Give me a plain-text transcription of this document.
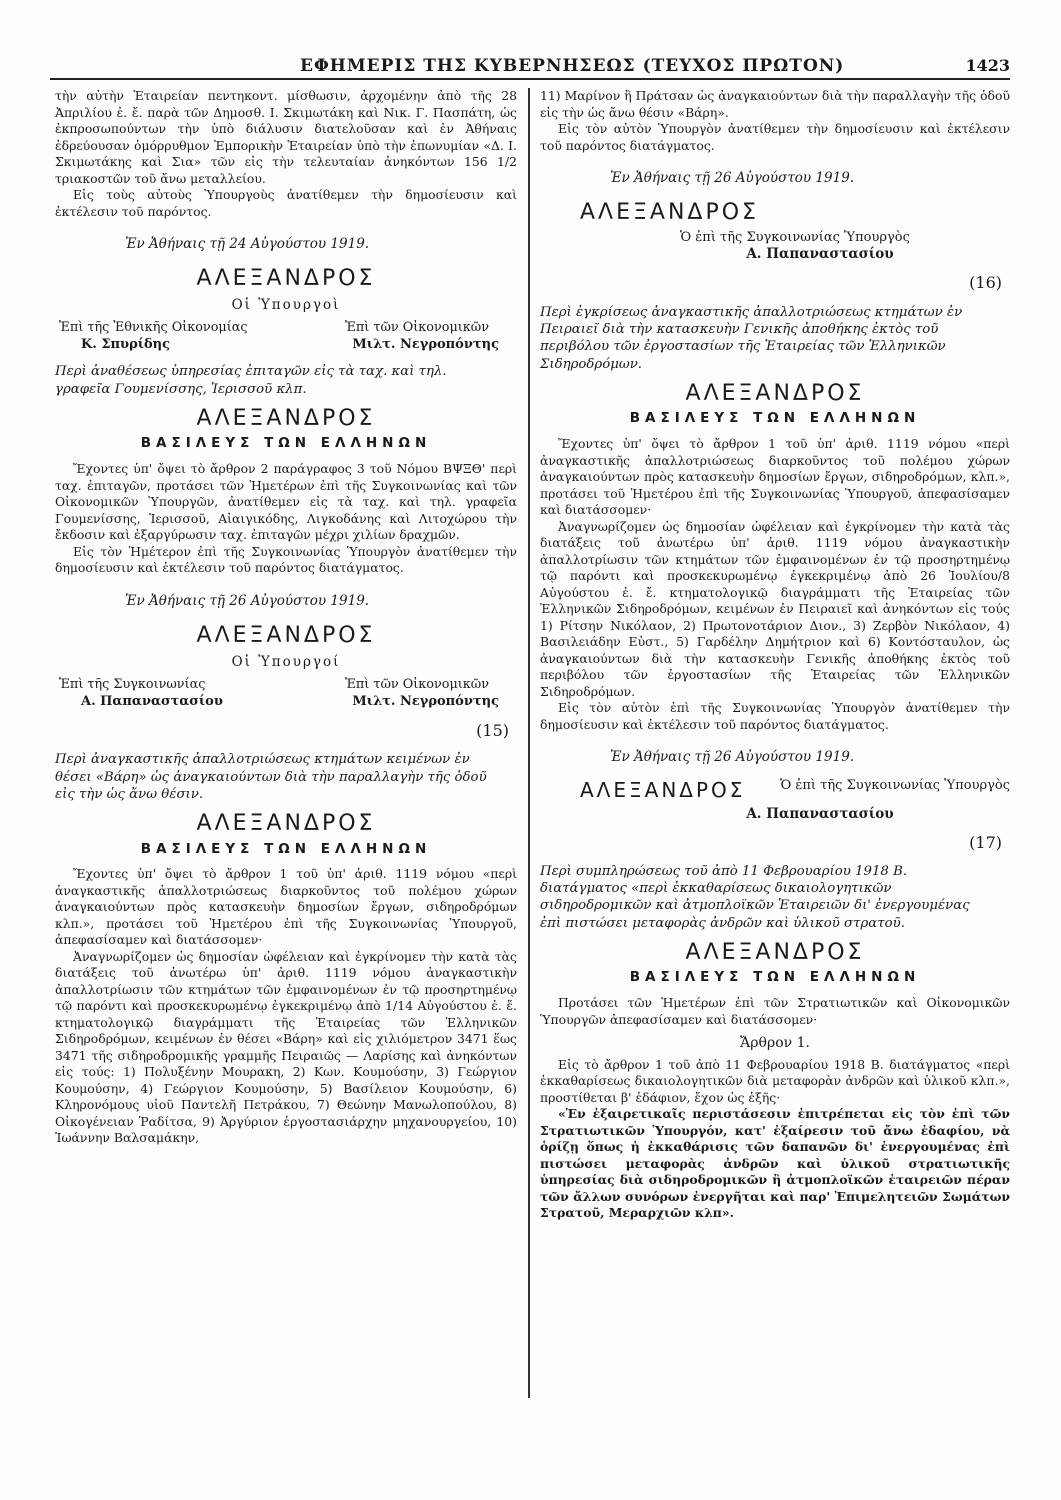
ΕΦΗΜΕΡΙΣ ΤΗΣ ΚΥΒΕΡΝΗΣΕΩΣ (ΤΕΥΧΟΣ ΠΡΩΤΟΝ)	1423

τὴν αὐτὴν Ἑταιρείαν πεντηκοντ. μίσθωσιν, ἀρχομένην ἀπὸ τῆς 28 Ἀπριλίου ἐ. ἔ. παρὰ τῶν Δημοσθ. Ι. Σκιμωτάκη καὶ Νικ. Γ. Πασπάτη, ὡς ἐκπροσωπούντων τὴν ὑπὸ διάλυσιν διατελοῦσαν καὶ ἐν Ἀθήναις ἑδρεύουσαν ὁμόρρυθμον Ἐμπορικὴν Ἑταιρείαν ὑπὸ τὴν ἐπωνυμίαν «Δ. Ι. Σκιμωτάκης καὶ Σια» τῶν εἰς τὴν τελευταίαν ἀνηκόντων 156 1/2 τριακοστῶν τοῦ ἄνω μεταλλείου.

Εἰς τοὺς αὐτοὺς Ὑπουργοὺς ἀνατίθεμεν τὴν δημοσίευσιν καὶ ἐκτέλεσιν τοῦ παρόντος.

Ἐν Ἀθήναις τῇ 24 Αὐγούστου 1919.
ΑΛΕΞΑΝΔΡΟΣ
Οἱ Ὑπουργοὶ
Ἐπὶ τῆς Ἐθνικῆς Οἰκονομίας	Ἐπὶ τῶν Οἰκονομικῶν
Κ. Σπυρίδης	Μιλτ. Νεγροπόντης
Περὶ ἀναθέσεως ὑπηρεσίας ἐπιταγῶν εἰς τὰ ταχ. καὶ τηλ. γραφεῖα Γουμενίσσης, Ἱερισσοῦ κλπ.
ΑΛΕΞΑΝΔΡΟΣ
ΒΑΣΙΛΕΥΣ ΤΩΝ ΕΛΛΗΝΩΝ

Ἔχοντες ὑπ' ὄψει τὸ ἄρθρον 2 παράγραφος 3 τοῦ Νόμου ΒΨΞΘ' περὶ ταχ. ἐπιταγῶν, προτάσει τῶν Ἡμετέρων ἐπὶ τῆς Συγκοινωνίας καὶ τῶν Οἰκονομικῶν Ὑπουργῶν, ἀνατίθεμεν εἰς τὰ ταχ. καὶ τηλ. γραφεῖα Γουμενίσσης, Ἱερισσοῦ, Αἰαιγικόδης, Λιγκοδάνης καὶ Λιτοχώρου τὴν ἔκδοσιν καὶ ἐξαργύρωσιν ταχ. ἐπιταγῶν μέχρι χιλίων δραχμῶν.

Εἰς τὸν Ἡμέτερον ἐπὶ τῆς Συγκοινωνίας Ὑπουργὸν ἀνατίθεμεν τὴν δημοσίευσιν καὶ ἐκτέλεσιν τοῦ παρόντος διατάγματος.

Ἐν Ἀθήναις τῇ 26 Αὐγούστου 1919.
ΑΛΕΞΑΝΔΡΟΣ
Οἱ Ὑπουργοί
Ἐπὶ τῆς Συγκοινωνίας	Ἐπὶ τῶν Οἰκονομικῶν
Α. Παπαναστασίου	Μιλτ. Νεγροπόντης
(15)
Περὶ ἀναγκαστικῆς ἀπαλλοτριώσεως κτημάτων κειμένων ἐν θέσει «Βάρη» ὡς ἀναγκαιούντων διὰ τὴν παραλλαγὴν τῆς ὁδοῦ εἰς τὴν ὡς ἄνω θέσιν.
ΑΛΕΞΑΝΔΡΟΣ
ΒΑΣΙΛΕΥΣ ΤΩΝ ΕΛΛΗΝΩΝ

Ἔχοντες ὑπ' ὄψει τὸ ἄρθρον 1 τοῦ ὑπ' ἀριθ. 1119 νόμου «περὶ ἀναγκαστικῆς ἀπαλλοτριώσεως διαρκοῦντος τοῦ πολέμου χώρων ἀναγκαιούντων πρὸς κατασκευὴν δημοσίων ἔργων, σιδηροδρόμων κλπ.», προτάσει τοῦ Ἡμετέρου ἐπὶ τῆς Συγκοινωνίας Ὑπουργοῦ, ἀπεφασίσαμεν καὶ διατάσσομεν·

Ἀναγνωρίζομεν ὡς δημοσίαν ὠφέλειαν καὶ ἐγκρίνομεν τὴν κατὰ τὰς διατάξεις τοῦ ἀνωτέρω ὑπ' ἀριθ. 1119 νόμου ἀναγκαστικὴν ἀπαλλοτρίωσιν τῶν κτημάτων τῶν ἐμφαινομένων ἐν τῷ προσηρτημένῳ τῷ παρόντι καὶ προσκεκυρωμένῳ ἐγκεκριμένῳ ἀπὸ 1/14 Αὐγούστου ἐ. ἔ. κτηματολογικῷ διαγράμματι τῆς Ἑταιρείας τῶν Ἑλληνικῶν Σιδηροδρόμων, κειμένων ἐν θέσει «Βάρη» καὶ εἰς χιλιόμετρον 3471 ἕως 3471 τῆς σιδηροδρομικῆς γραμμῆς Πειραιῶς — Λαρίσης καὶ ἀνηκόντων εἰς τούς: 1) Πολυξένην Μουρακη, 2) Κων. Κουμούσην, 3) Γεώργιον Κουμούσην, 4) Γεώργιον Κουμούσην, 5) Βασίλειον Κουμούσην, 6) Κληρονόμους υἱοῦ Παντελῆ Πετράκου, 7) Θεώνην Μανωλοπούλου, 8) Οἰκογένειαν Ῥαδίτσα, 9) Ἀργύριον ἐργοστασιάρχην μηχανουργείου, 10) Ἰωάννην Βαλσαμάκην,

11) Μαρίνον ἢ Πράτσαν ὡς ἀναγκαιούντων διὰ τὴν παραλλαγὴν τῆς ὁδοῦ εἰς τὴν ὡς ἄνω θέσιν «Βάρη».

Εἰς τὸν αὐτὸν Ὑπουργὸν ἀνατίθεμεν τὴν δημοσίευσιν καὶ ἐκτέλεσιν τοῦ παρόντος διατάγματος.

Ἐν Ἀθήναις τῇ 26 Αὐγούστου 1919.
ΑΛΕΞΑΝΔΡΟΣ
Ὁ ἐπὶ τῆς Συγκοινωνίας Ὑπουργὸς
Α. Παπαναστασίου
(16)
Περὶ ἐγκρίσεως ἀναγκαστικῆς ἀπαλλοτριώσεως κτημάτων ἐν Πειραιεῖ διὰ τὴν κατασκευὴν Γενικῆς ἀποθήκης ἐκτὸς τοῦ περιβόλου τῶν ἐργοστασίων τῆς Ἑταιρείας τῶν Ἑλληνικῶν Σιδηροδρόμων.
ΑΛΕΞΑΝΔΡΟΣ
ΒΑΣΙΛΕΥΣ ΤΩΝ ΕΛΛΗΝΩΝ

Ἔχοντες ὑπ' ὄψει τὸ ἄρθρον 1 τοῦ ὑπ' ἀριθ. 1119 νόμου «περὶ ἀναγκαστικῆς ἀπαλλοτριώσεως διαρκοῦντος τοῦ πολέμου χώρων ἀναγκαιούντων πρὸς κατασκευὴν δημοσίων ἔργων, σιδηροδρόμων, κλπ.», προτάσει τοῦ Ἡμετέρου ἐπὶ τῆς Συγκοινωνίας Ὑπουργοῦ, ἀπεφασίσαμεν καὶ διατάσσομεν·

Ἀναγνωρίζομεν ὡς δημοσίαν ὠφέλειαν καὶ ἐγκρίνομεν τὴν κατὰ τὰς διατάξεις τοῦ ἀνωτέρω ὑπ' ἀριθ. 1119 νόμου ἀναγκαστικὴν ἀπαλλοτρίωσιν τῶν κτημάτων τῶν ἐμφαινομένων ἐν τῷ προσηρτημένῳ τῷ παρόντι καὶ προσκεκυρωμένῳ ἐγκεκριμένῳ ἀπὸ 26 Ἰουλίου/8 Αὐγούστου ἐ. ἔ. κτηματολογικῷ διαγράμματι τῆς Ἑταιρείας τῶν Ἑλληνικῶν Σιδηροδρόμων, κειμένων ἐν Πειραιεῖ καὶ ἀνηκόντων εἰς τούς 1) Ρίτσην Νικόλαον, 2) Πρωτονοτάριον Διον., 3) Ζερβὸν Νικόλαον, 4) Βασιλειάδην Εὐστ., 5) Γαρδέλην Δημήτριον καὶ 6) Κοντόσταυλον, ὡς ἀναγκαιούντων διὰ τὴν κατασκευὴν Γενικῆς ἀποθήκης ἐκτὸς τοῦ περιβόλου τῶν ἐργοστασίων τῆς Ἑταιρείας τῶν Ἑλληνικῶν Σιδηροδρόμων.

Εἰς τὸν αὐτὸν ἐπὶ τῆς Συγκοινωνίας Ὑπουργὸν ἀνατίθεμεν τὴν δημοσίευσιν καὶ ἐκτέλεσιν τοῦ παρόντος διατάγματος.

Ἐν Ἀθήναις τῇ 26 Αὐγούστου 1919.
ΑΛΕΞΑΝΔΡΟΣ	Ὁ ἐπὶ τῆς Συγκοινωνίας Ὑπουργὸς
Α. Παπαναστασίου
(17)
Περὶ συμπληρώσεως τοῦ ἀπὸ 11 Φεβρουαρίου 1918 Β. διατάγματος «περὶ ἐκκαθαρίσεως δικαιολογητικῶν σιδηροδρομικῶν καὶ ἀτμοπλοϊκῶν Ἑταιρειῶν δι' ἐνεργουμένας ἐπὶ πιστώσει μεταφορὰς ἀνδρῶν καὶ ὑλικοῦ στρατοῦ.
ΑΛΕΞΑΝΔΡΟΣ
ΒΑΣΙΛΕΥΣ ΤΩΝ ΕΛΛΗΝΩΝ

Προτάσει τῶν Ἡμετέρων ἐπὶ τῶν Στρατιωτικῶν καὶ Οἰκονομικῶν Ὑπουργῶν ἀπεφασίσαμεν καὶ διατάσσομεν·

Ἄρθρον 1.

Εἰς τὸ ἄρθρον 1 τοῦ ἀπὸ 11 Φεβρουαρίου 1918 Β. διατάγματος «περὶ ἐκκαθαρίσεως δικαιολογητικῶν διὰ μεταφορὰν ἀνδρῶν καὶ ὑλικοῦ κλπ.», προστίθεται β' ἐδάφιον, ἔχον ὡς ἑξῆς·

«Ἐν ἐξαιρετικαῖς περιστάσεσιν ἐπιτρέπεται εἰς τὸν ἐπὶ τῶν Στρατιωτικῶν Ὑπουργόν, κατ' ἐξαίρεσιν τοῦ ἄνω ἐδαφίου, νὰ ὁρίζῃ ὅπως ἡ ἐκκαθάρισις τῶν δαπανῶν δι' ἐνεργουμένας ἐπὶ πιστώσει μεταφορὰς ἀνδρῶν καὶ ὑλικοῦ στρατιωτικῆς ὑπηρεσίας διὰ σιδηροδρομικῶν ἢ ἀτμοπλοϊκῶν ἑταιρειῶν πέραν τῶν ἄλλων συνόρων ἐνεργῆται καὶ παρ' Ἐπιμελητειῶν Σωμάτων Στρατοῦ, Μεραρχιῶν κλπ».
